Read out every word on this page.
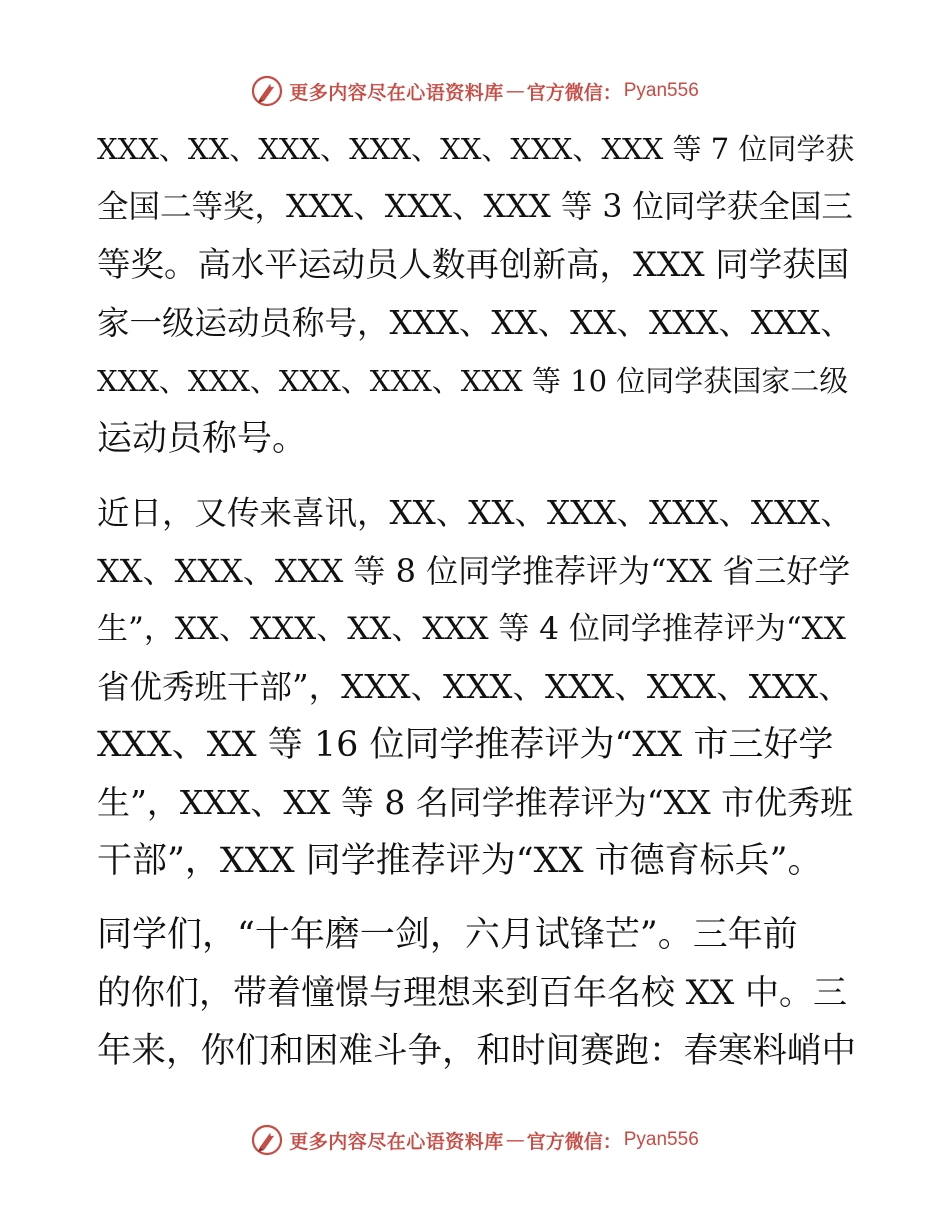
更多内容尽在心语资料库 — 官方微信： Pyan556
XXX、XX、XXX、XXX、XX、XXX、XXX 等 7 位同学获
全国二等奖，XXX、XXX、XXX 等 3 位同学获全国三
等奖。高水平运动员人数再创新高，XXX 同学获国
家一级运动员称号，XXX、XX、XX、XXX、XXX、
XXX、XXX、XXX、XXX、XXX 等 10 位同学获国家二级
运动员称号。
近日，又传来喜讯，XX、XX、XXX、XXX、XXX、
XX、XXX、XXX 等 8 位同学推荐评为“XX 省三好学
生”，XX、XXX、XX、XXX 等 4 位同学推荐评为“XX
省优秀班干部”，XXX、XXX、XXX、XXX、XXX、
XXX、XX 等 16 位同学推荐评为“XX 市三好学
生”，XXX、XX 等 8 名同学推荐评为“XX 市优秀班
干部”，XXX 同学推荐评为“XX 市德育标兵”。
同学们，“十年磨一剑，六月试锋芒”。三年前
的你们，带着憧憬与理想来到百年名校 XX 中。三
年来，你们和困难斗争，和时间赛跑：春寒料峭中
更多内容尽在心语资料库 — 官方微信： Pyan556
